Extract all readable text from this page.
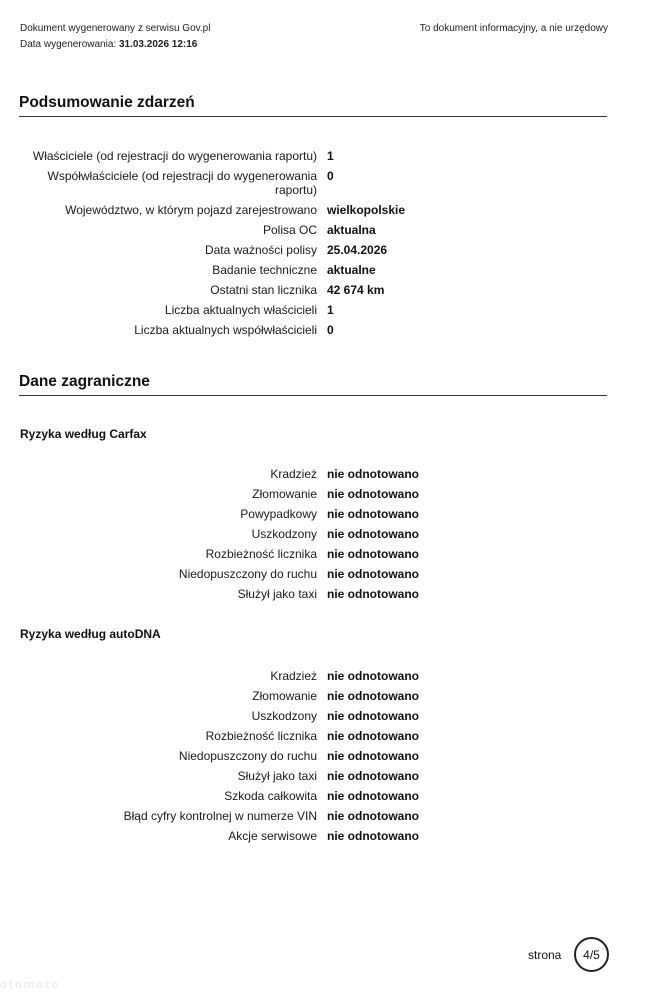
Dokument wygenerowany z serwisu Gov.pl
Data wygenerowania: 31.03.2026 12:16
To dokument informacyjny, a nie urzędowy
Podsumowanie zdarzeń
Właściciele (od rejestracji do wygenerowania raportu) 1
Współwłaściciele (od rejestracji do wygenerowania raportu)
0
Województwo, w którym pojazd zarejestrowano wielkopolskie
Polisa OC aktualna
Data ważności polisy 25.04.2026
Badanie techniczne aktualne
Ostatni stan licznika 42 674 km
Liczba aktualnych właścicieli 1
Liczba aktualnych współwłaścicieli 0
Dane zagraniczne
Ryzyka według Carfax
Kradzież nie odnotowano
Złomowanie nie odnotowano
Powypadkowy nie odnotowano
Uszkodzony nie odnotowano
Rozbieżność licznika nie odnotowano
Niedopuszczony do ruchu nie odnotowano
Służył jako taxi nie odnotowano
Ryzyka według autoDNA
Kradzież nie odnotowano
Złomowanie nie odnotowano
Uszkodzony nie odnotowano
Rozbieżność licznika nie odnotowano
Niedopuszczony do ruchu nie odnotowano
Służył jako taxi nie odnotowano
Szkoda całkowita nie odnotowano
Błąd cyfry kontrolnej w numerze VIN nie odnotowano
Akcje serwisowe nie odnotowano
strona 4/5
otomoto
